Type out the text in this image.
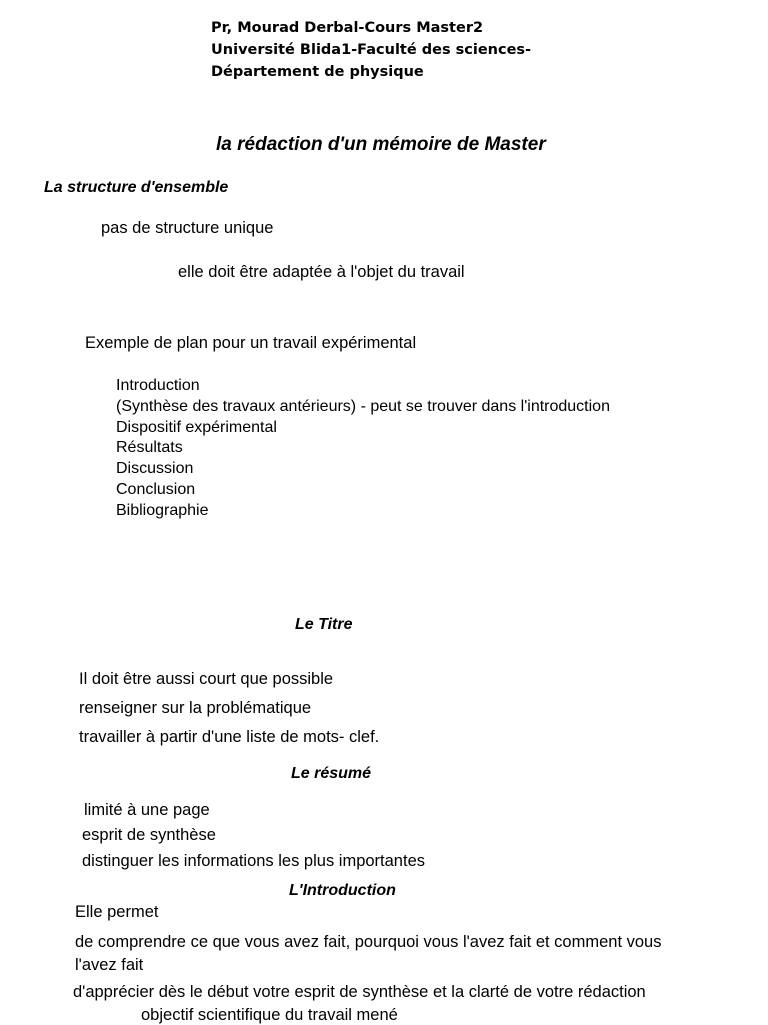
Pr, Mourad Derbal-Cours Master2
Université Blida1-Faculté des sciences-
Département de physique
la rédaction d'un mémoire de Master
La structure d'ensemble
pas de structure unique
elle doit être adaptée à l'objet du travail
Exemple de plan pour un travail expérimental
Introduction
(Synthèse des travaux antérieurs) - peut se trouver dans l'introduction
Dispositif expérimental
Résultats
Discussion
Conclusion
Bibliographie
Le Titre
Il doit être aussi court que possible
renseigner sur la problématique
travailler à partir d'une liste de mots- clef.
Le résumé
limité à une page
esprit de synthèse
distinguer les informations les plus importantes
L'Introduction
Elle permet
de comprendre ce que vous avez fait, pourquoi vous l'avez fait et comment vous
l'avez fait
d'apprécier dès le début votre esprit de synthèse et la clarté de votre rédaction
objectif scientifique du travail mené
